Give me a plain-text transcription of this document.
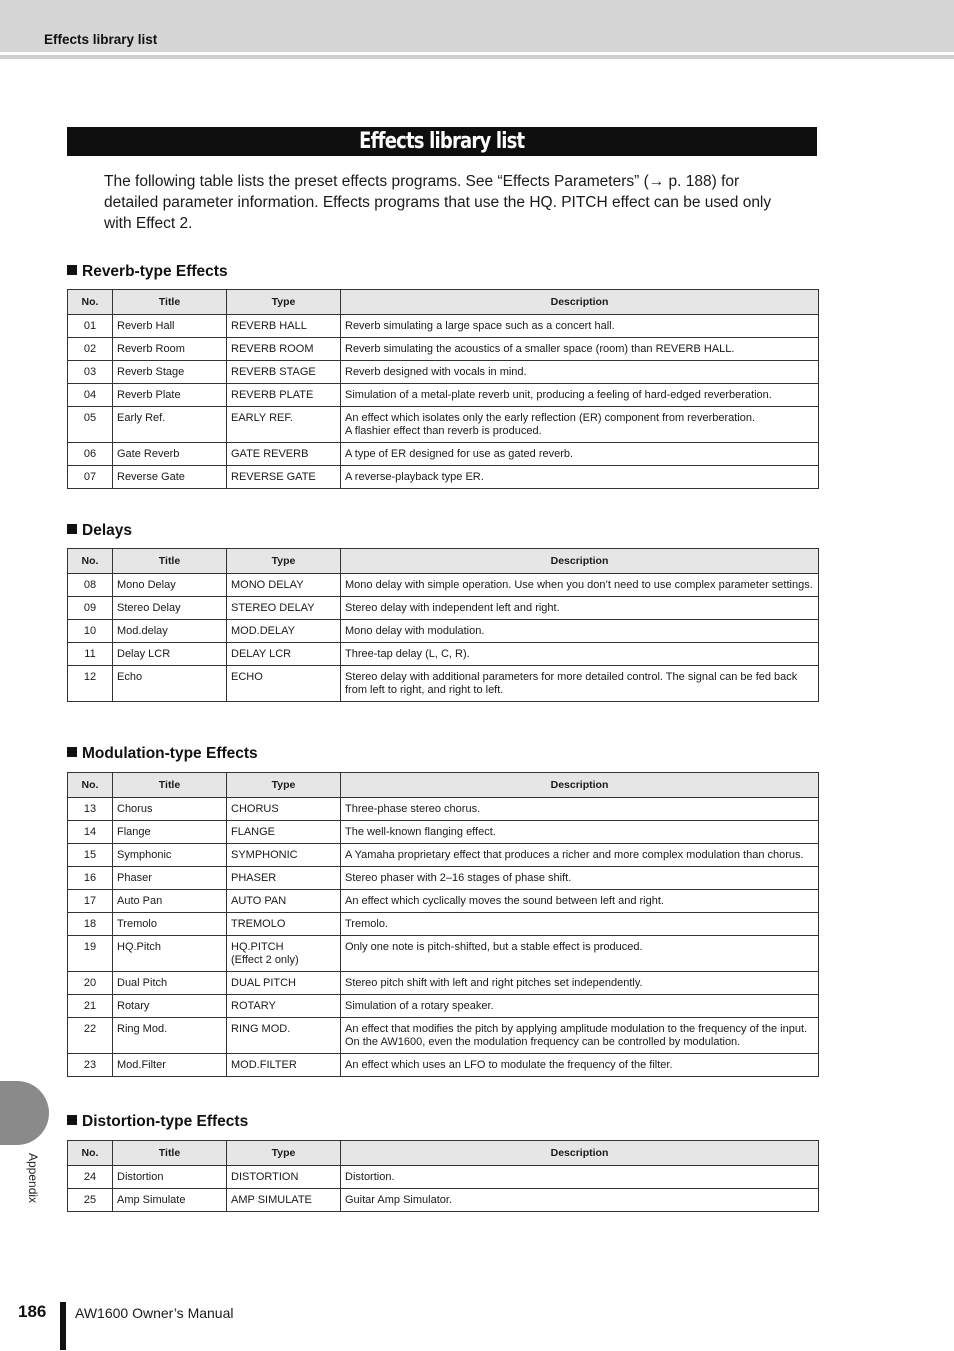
Effects library list
Effects library list
The following table lists the preset effects programs. See “Effects Parameters” (→ p. 188) for detailed parameter information. Effects programs that use the HQ. PITCH effect can be used only with Effect 2.
Reverb-type Effects
No.	Title	Type	Description
01	Reverb Hall	REVERB HALL	Reverb simulating a large space such as a concert hall.
02	Reverb Room	REVERB ROOM	Reverb simulating the acoustics of a smaller space (room) than REVERB HALL.
03	Reverb Stage	REVERB STAGE	Reverb designed with vocals in mind.
04	Reverb Plate	REVERB PLATE	Simulation of a metal-plate reverb unit, producing a feeling of hard-edged reverberation.
05	Early Ref.	EARLY REF.	An effect which isolates only the early reflection (ER) component from reverberation.
A flashier effect than reverb is produced.
06	Gate Reverb	GATE REVERB	A type of ER designed for use as gated reverb.
07	Reverse Gate	REVERSE GATE	A reverse-playback type ER.
Delays
No.	Title	Type	Description
08	Mono Delay	MONO DELAY	Mono delay with simple operation. Use when you don’t need to use complex parameter settings.
09	Stereo Delay	STEREO DELAY	Stereo delay with independent left and right.
10	Mod.delay	MOD.DELAY	Mono delay with modulation.
11	Delay LCR	DELAY LCR	Three-tap delay (L, C, R).
12	Echo	ECHO	Stereo delay with additional parameters for more detailed control. The signal can be fed back from left to right, and right to left.
Modulation-type Effects
No.	Title	Type	Description
13	Chorus	CHORUS	Three-phase stereo chorus.
14	Flange	FLANGE	The well-known flanging effect.
15	Symphonic	SYMPHONIC	A Yamaha proprietary effect that produces a richer and more complex modulation than chorus.
16	Phaser	PHASER	Stereo phaser with 2–16 stages of phase shift.
17	Auto Pan	AUTO PAN	An effect which cyclically moves the sound between left and right.
18	Tremolo	TREMOLO	Tremolo.
19	HQ.Pitch	HQ.PITCH
(Effect 2 only)	Only one note is pitch-shifted, but a stable effect is produced.
20	Dual Pitch	DUAL PITCH	Stereo pitch shift with left and right pitches set independently.
21	Rotary	ROTARY	Simulation of a rotary speaker.
22	Ring Mod.	RING MOD.	An effect that modifies the pitch by applying amplitude modulation to the frequency of the input.
On the AW1600, even the modulation frequency can be controlled by modulation.
23	Mod.Filter	MOD.FILTER	An effect which uses an LFO to modulate the frequency of the filter.
Distortion-type Effects
No.	Title	Type	Description
24	Distortion	DISTORTION	Distortion.
25	Amp Simulate	AMP SIMULATE	Guitar Amp Simulator.
Appendix
186 AW1600 Owner’s Manual
